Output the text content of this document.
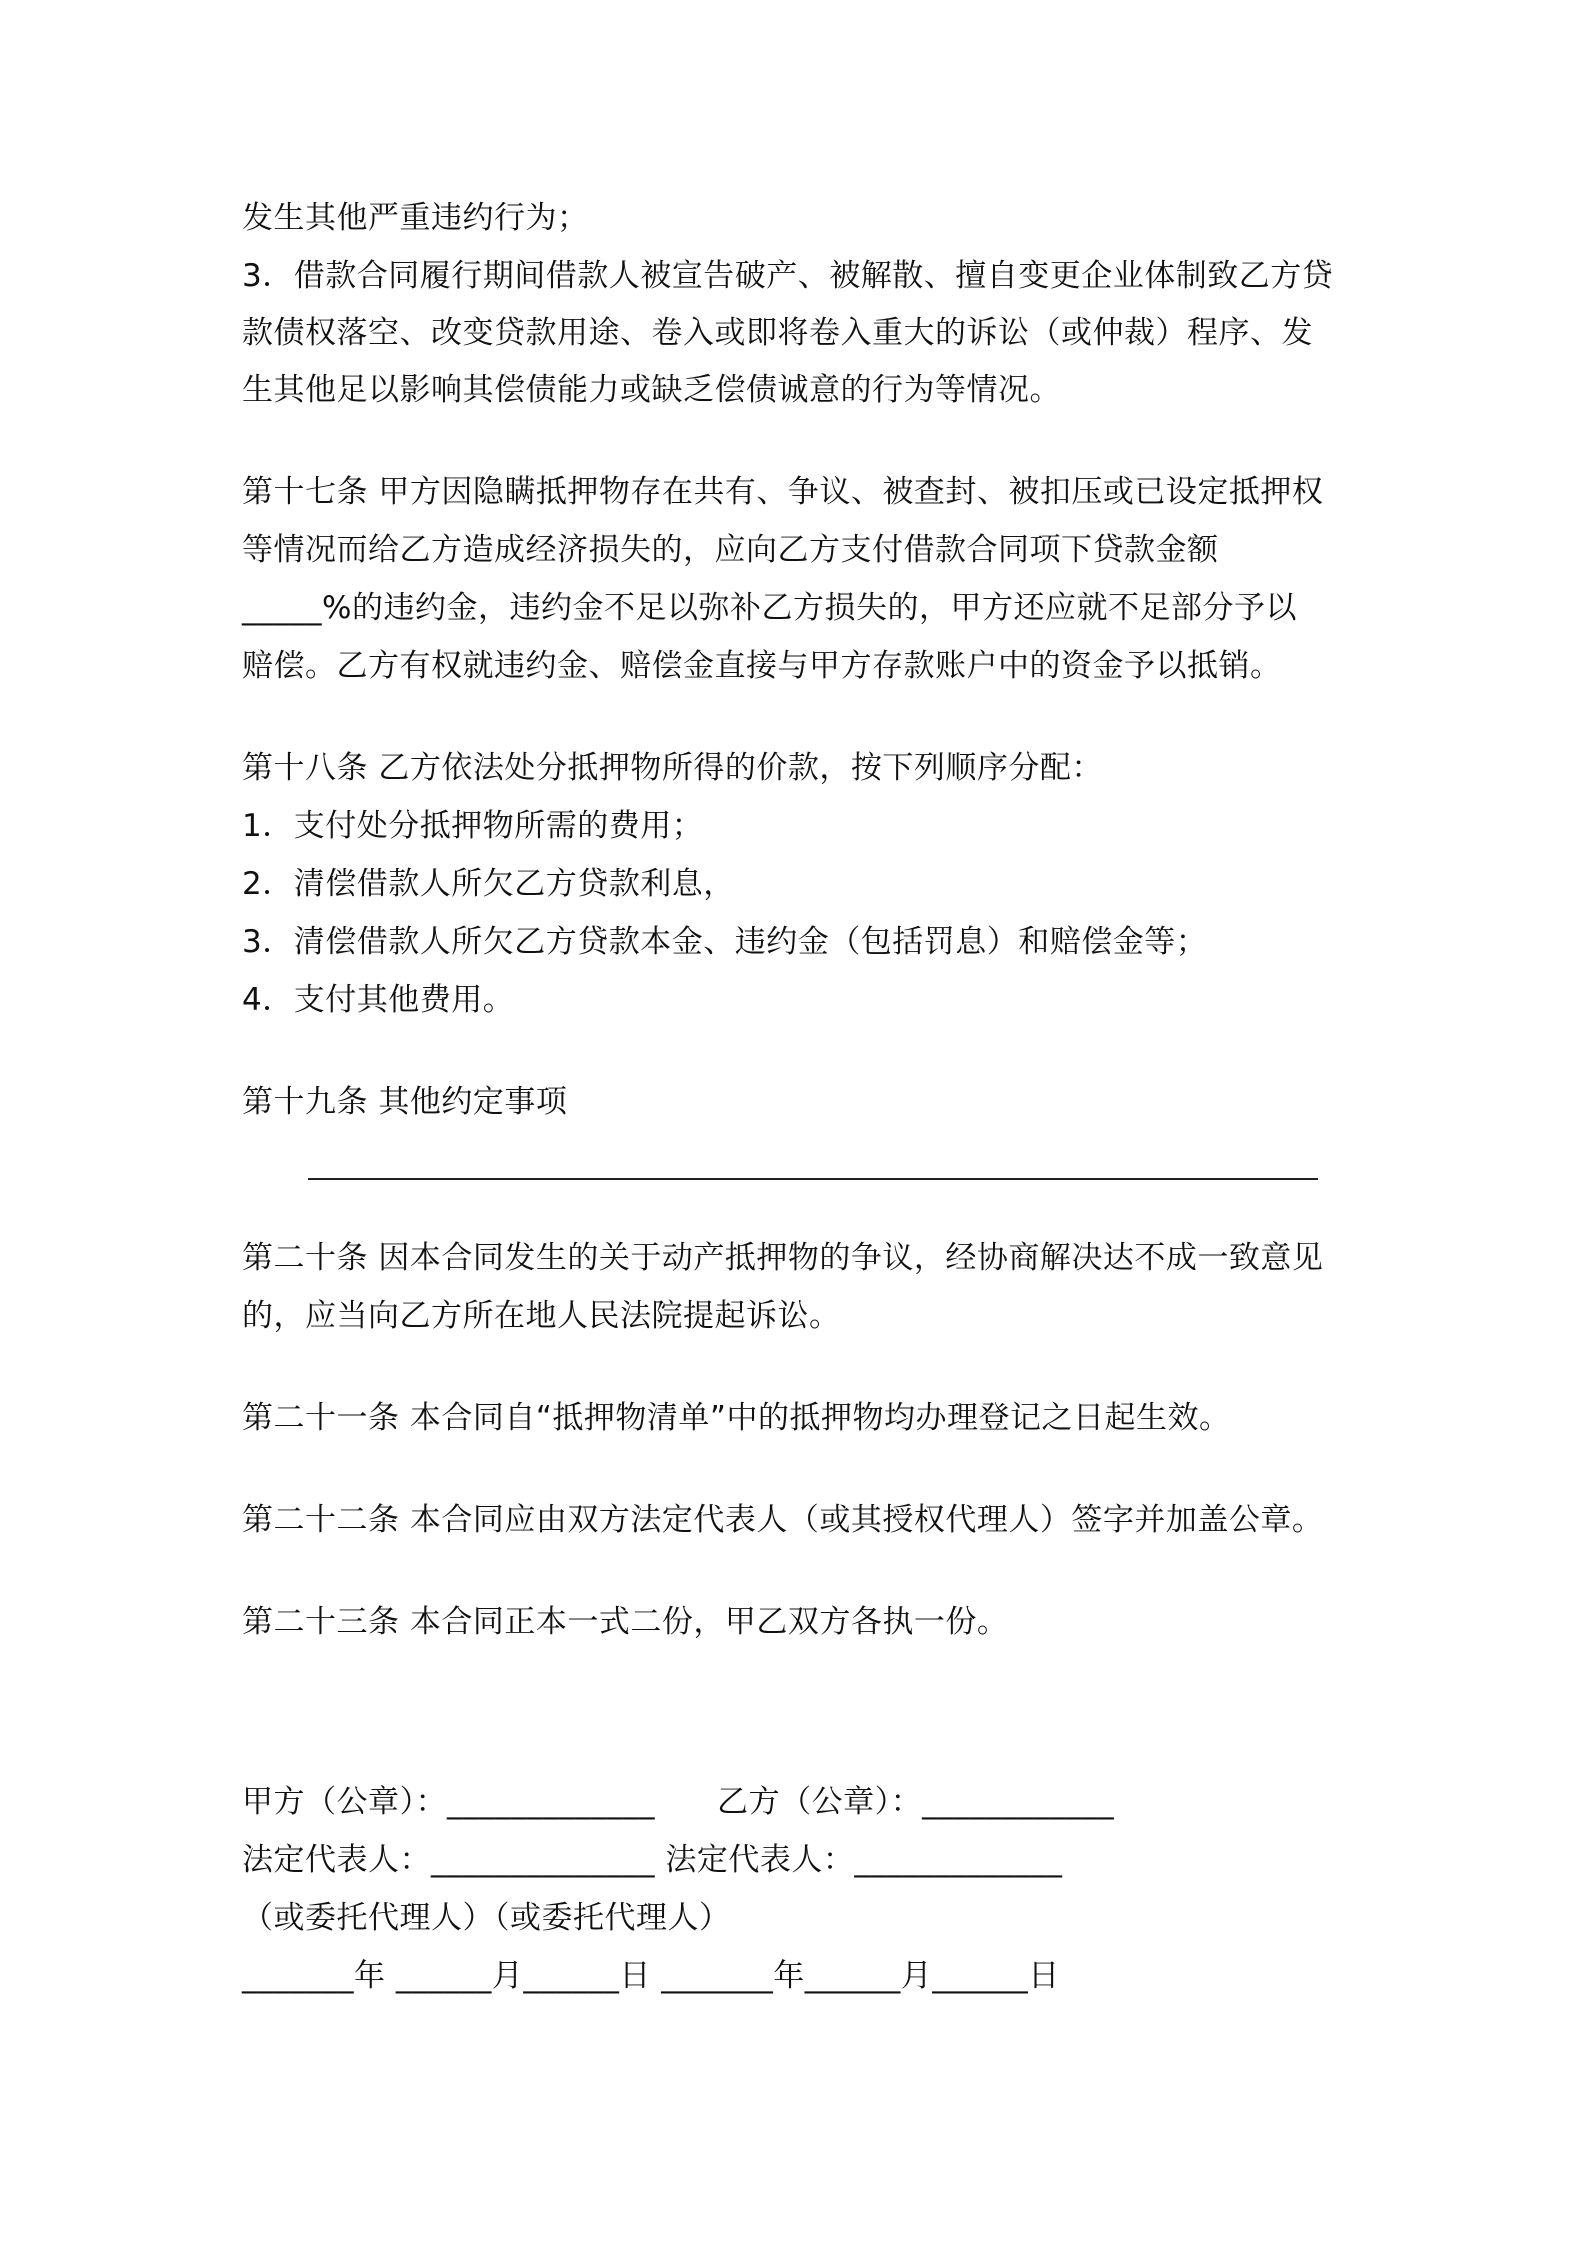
发生其他严重违约行为；
3．借款合同履行期间借款人被宣告破产、被解散、擅自变更企业体制致乙方贷
款债权落空、改变贷款用途、卷入或即将卷入重大的诉讼（或仲裁）程序、发
生其他足以影响其偿债能力或缺乏偿债诚意的行为等情况。
第十七条 甲方因隐瞒抵押物存在共有、争议、被查封、被扣压或已设定抵押权
等情况而给乙方造成经济损失的，应向乙方支付借款合同项下贷款金额
_____%的违约金，违约金不足以弥补乙方损失的，甲方还应就不足部分予以
赔偿。乙方有权就违约金、赔偿金直接与甲方存款账户中的资金予以抵销。
第十八条 乙方依法处分抵押物所得的价款，按下列顺序分配：
1．支付处分抵押物所需的费用；
2．清偿借款人所欠乙方贷款利息，
3．清偿借款人所欠乙方贷款本金、违约金（包括罚息）和赔偿金等；
4．支付其他费用。
第十九条 其他约定事项
第二十条 因本合同发生的关于动产抵押物的争议，经协商解决达不成一致意见
的，应当向乙方所在地人民法院提起诉讼。
第二十一条 本合同自“抵押物清单”中的抵押物均办理登记之日起生效。
第二十二条 本合同应由双方法定代表人（或其授权代理人）签字并加盖公章。
第二十三条 本合同正本一式二份，甲乙双方各执一份。
甲方（公章）：_____________      乙方（公章）：____________
法定代表人：______________ 法定代表人：_____________
（或委托代理人）（或委托代理人）
_______年 ______月______日 _______年______月______日
